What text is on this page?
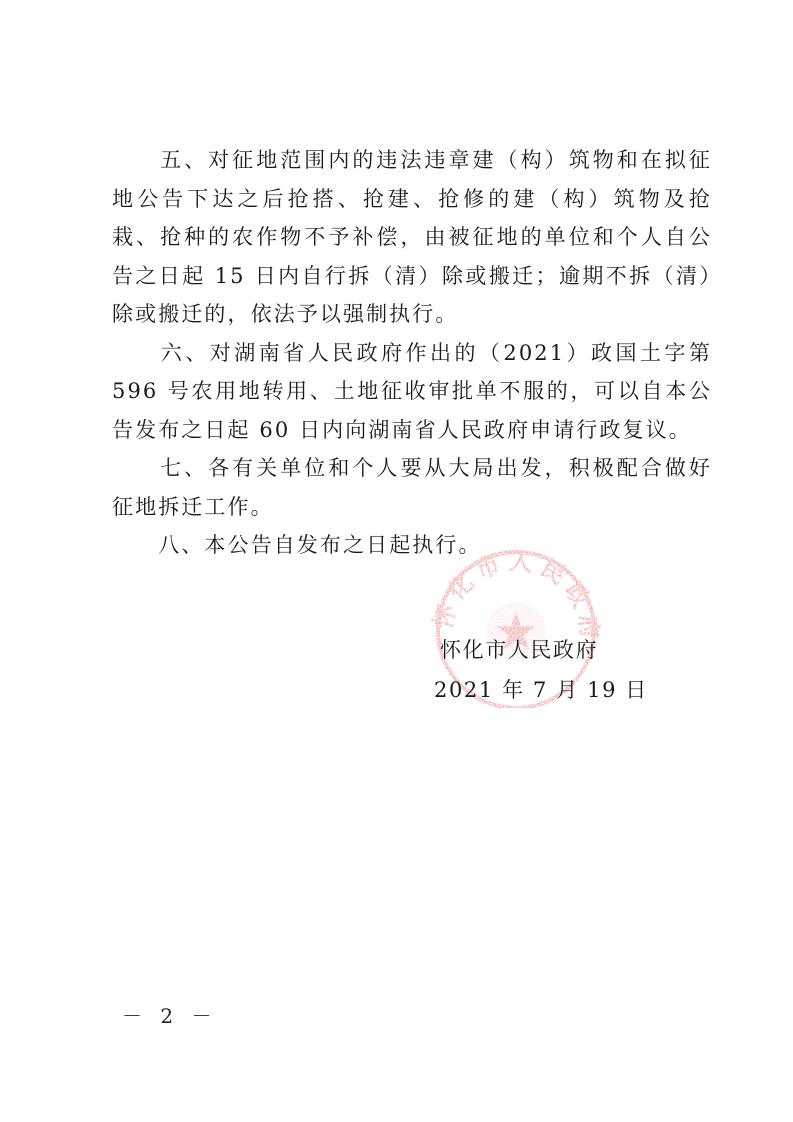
　　五、对征地范围内的违法违章建（构）筑物和在拟征地公告下达之后抢搭、抢建、抢修的建（构）筑物及抢栽、抢种的农作物不予补偿，由被征地的单位和个人自公告之日起 15 日内自行拆（清）除或搬迁；逾期不拆（清）除或搬迁的，依法予以强制执行。

　　六、对湖南省人民政府作出的（2021）政国土字第 596 号农用地转用、土地征收审批单不服的，可以自本公告发布之日起 60 日内向湖南省人民政府申请行政复议。

　　七、各有关单位和个人要从大局出发，积极配合做好征地拆迁工作。

　　八、本公告自发布之日起执行。

怀化市人民政府
怀化市人民政府
2021 年 7 月 19 日
－ 2 －
